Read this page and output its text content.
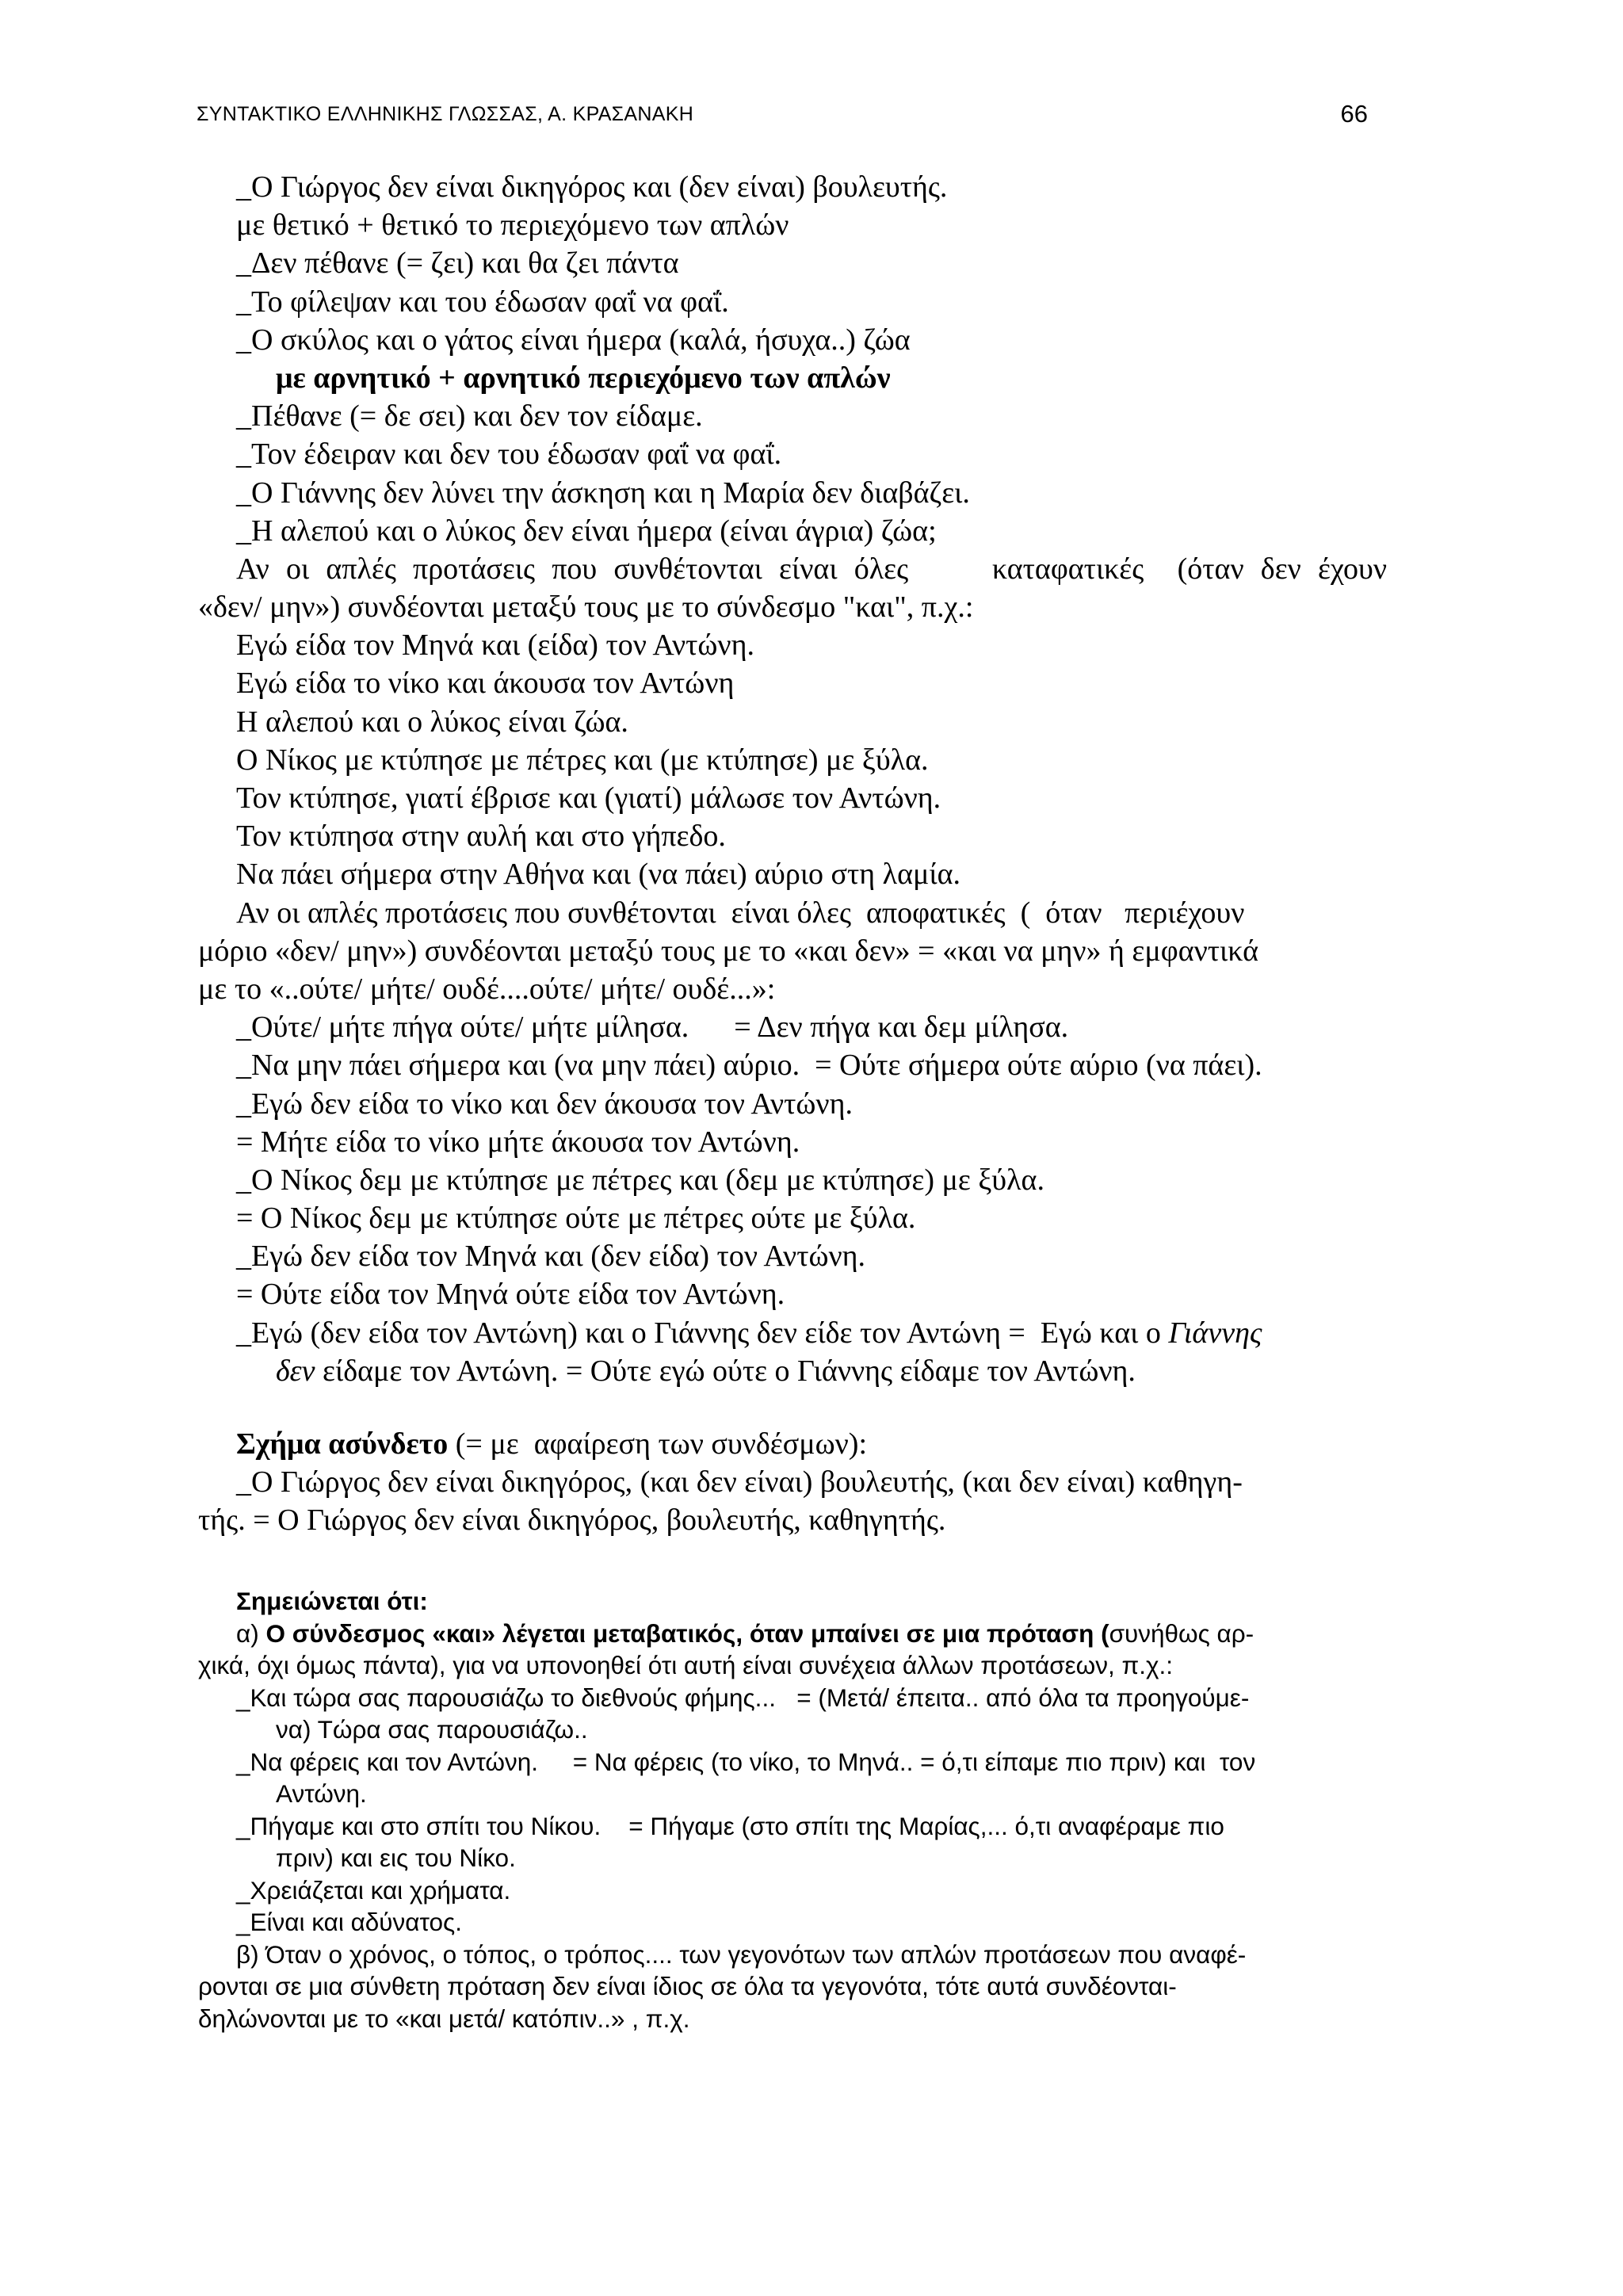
ΣΥΝΤΑΚΤΙΚΟ ΕΛΛΗΝΙΚΗΣ ΓΛΩΣΣΑΣ, Α. ΚΡΑΣΑΝΑΚΗ	66
_Ο Γιώργος δεν είναι δικηγόρος και (δεν είναι) βουλευτής.
με θετικό + θετικό το περιεχόμενο των απλών
_Δεν πέθανε (= ζει) και θα ζει πάντα
_Το φίλεψαν και του έδωσαν φαΐ να φαΐ.
_Ο σκύλος και ο γάτος είναι ήμερα (καλά, ήσυχα..) ζώα
με αρνητικό + αρνητικό περιεχόμενο των απλών
_Πέθανε (= δε σει) και δεν τον είδαμε.
_Τον έδειραν και δεν του έδωσαν φαΐ να φαΐ.
_Ο Γιάννης δεν λύνει την άσκηση και η Μαρία δεν διαβάζει.
_Η αλεπού και ο λύκος δεν είναι ήμερα (είναι άγρια) ζώα;
Αν οι απλές προτάσεις που συνθέτονται είναι όλες     καταφατικές  (όταν δεν έχουν
«δεν/ μην») συνδέονται μεταξύ τους με το σύνδεσμο "και", π.χ.:
Εγώ είδα τον Μηνά και (είδα) τον Αντώνη.
Εγώ είδα το νίκο και άκουσα τον Αντώνη
Η αλεπού και ο λύκος είναι ζώα.
Ο Νίκος με κτύπησε με πέτρες και (με κτύπησε) με ξύλα.
Τον κτύπησε, γιατί έβρισε και (γιατί) μάλωσε τον Αντώνη.
Τον κτύπησα στην αυλή και στο γήπεδο.
Να πάει σήμερα στην Αθήνα και (να πάει) αύριο στη λαμία.
Αν οι απλές προτάσεις που συνθέτονται  είναι όλες  αποφατικές  (  όταν   περιέχουν
μόριο «δεν/ μην») συνδέονται μεταξύ τους με το «και δεν» = «και να μην» ή εμφαντικά
με το «..ούτε/ μήτε/ ουδέ....ούτε/ μήτε/ ουδέ...»:
_Ούτε/ μήτε πήγα ούτε/ μήτε μίλησα.      = Δεν πήγα και δεμ μίλησα.
_Να μην πάει σήμερα και (να μην πάει) αύριο.  = Ούτε σήμερα ούτε αύριο (να πάει).
_Εγώ δεν είδα το νίκο και δεν άκουσα τον Αντώνη.
= Μήτε είδα το νίκο μήτε άκουσα τον Αντώνη.
_Ο Νίκος δεμ με κτύπησε με πέτρες και (δεμ με κτύπησε) με ξύλα.
= Ο Νίκος δεμ με κτύπησε ούτε με πέτρες ούτε με ξύλα.
_Εγώ δεν είδα τον Μηνά και (δεν είδα) τον Αντώνη.
= Ούτε είδα τον Μηνά ούτε είδα τον Αντώνη.
_Εγώ (δεν είδα τον Αντώνη) και ο Γιάννης δεν είδε τον Αντώνη =  Εγώ και ο Γιάννης
δεν είδαμε τον Αντώνη. = Ούτε εγώ ούτε ο Γιάννης είδαμε τον Αντώνη.
Σχήμα ασύνδετο (= με  αφαίρεση των συνδέσμων):
_Ο Γιώργος δεν είναι δικηγόρος, (και δεν είναι) βουλευτής, (και δεν είναι) καθηγη-
τής. = Ο Γιώργος δεν είναι δικηγόρος, βουλευτής, καθηγητής.
Σημειώνεται ότι:
α) Ο σύνδεσμος «και» λέγεται μεταβατικός, όταν μπαίνει σε μια πρόταση (συνήθως αρ-
χικά, όχι όμως πάντα), για να υπονοηθεί ότι αυτή είναι συνέχεια άλλων προτάσεων, π.χ.:
_Και τώρα σας παρουσιάζω το διεθνούς φήμης...   = (Μετά/ έπειτα.. από όλα τα προηγούμε-
να) Τώρα σας παρουσιάζω..
_Να φέρεις και τον Αντώνη.     = Να φέρεις (το νίκο, το Μηνά.. = ό,τι είπαμε πιο πριν) και  τον
Αντώνη.
_Πήγαμε και στο σπίτι του Νίκου.    = Πήγαμε (στο σπίτι της Μαρίας,... ό,τι αναφέραμε πιο
πριν) και εις του Νίκο.
_Χρειάζεται και χρήματα.
_Είναι και αδύνατος.
β) Όταν ο χρόνος, ο τόπος, ο τρόπος.... των γεγονότων των απλών προτάσεων που αναφέ-
ρονται σε μια σύνθετη πρόταση δεν είναι ίδιος σε όλα τα γεγονότα, τότε αυτά συνδέονται-
δηλώνονται με το «και μετά/ κατόπιν..» , π.χ.
